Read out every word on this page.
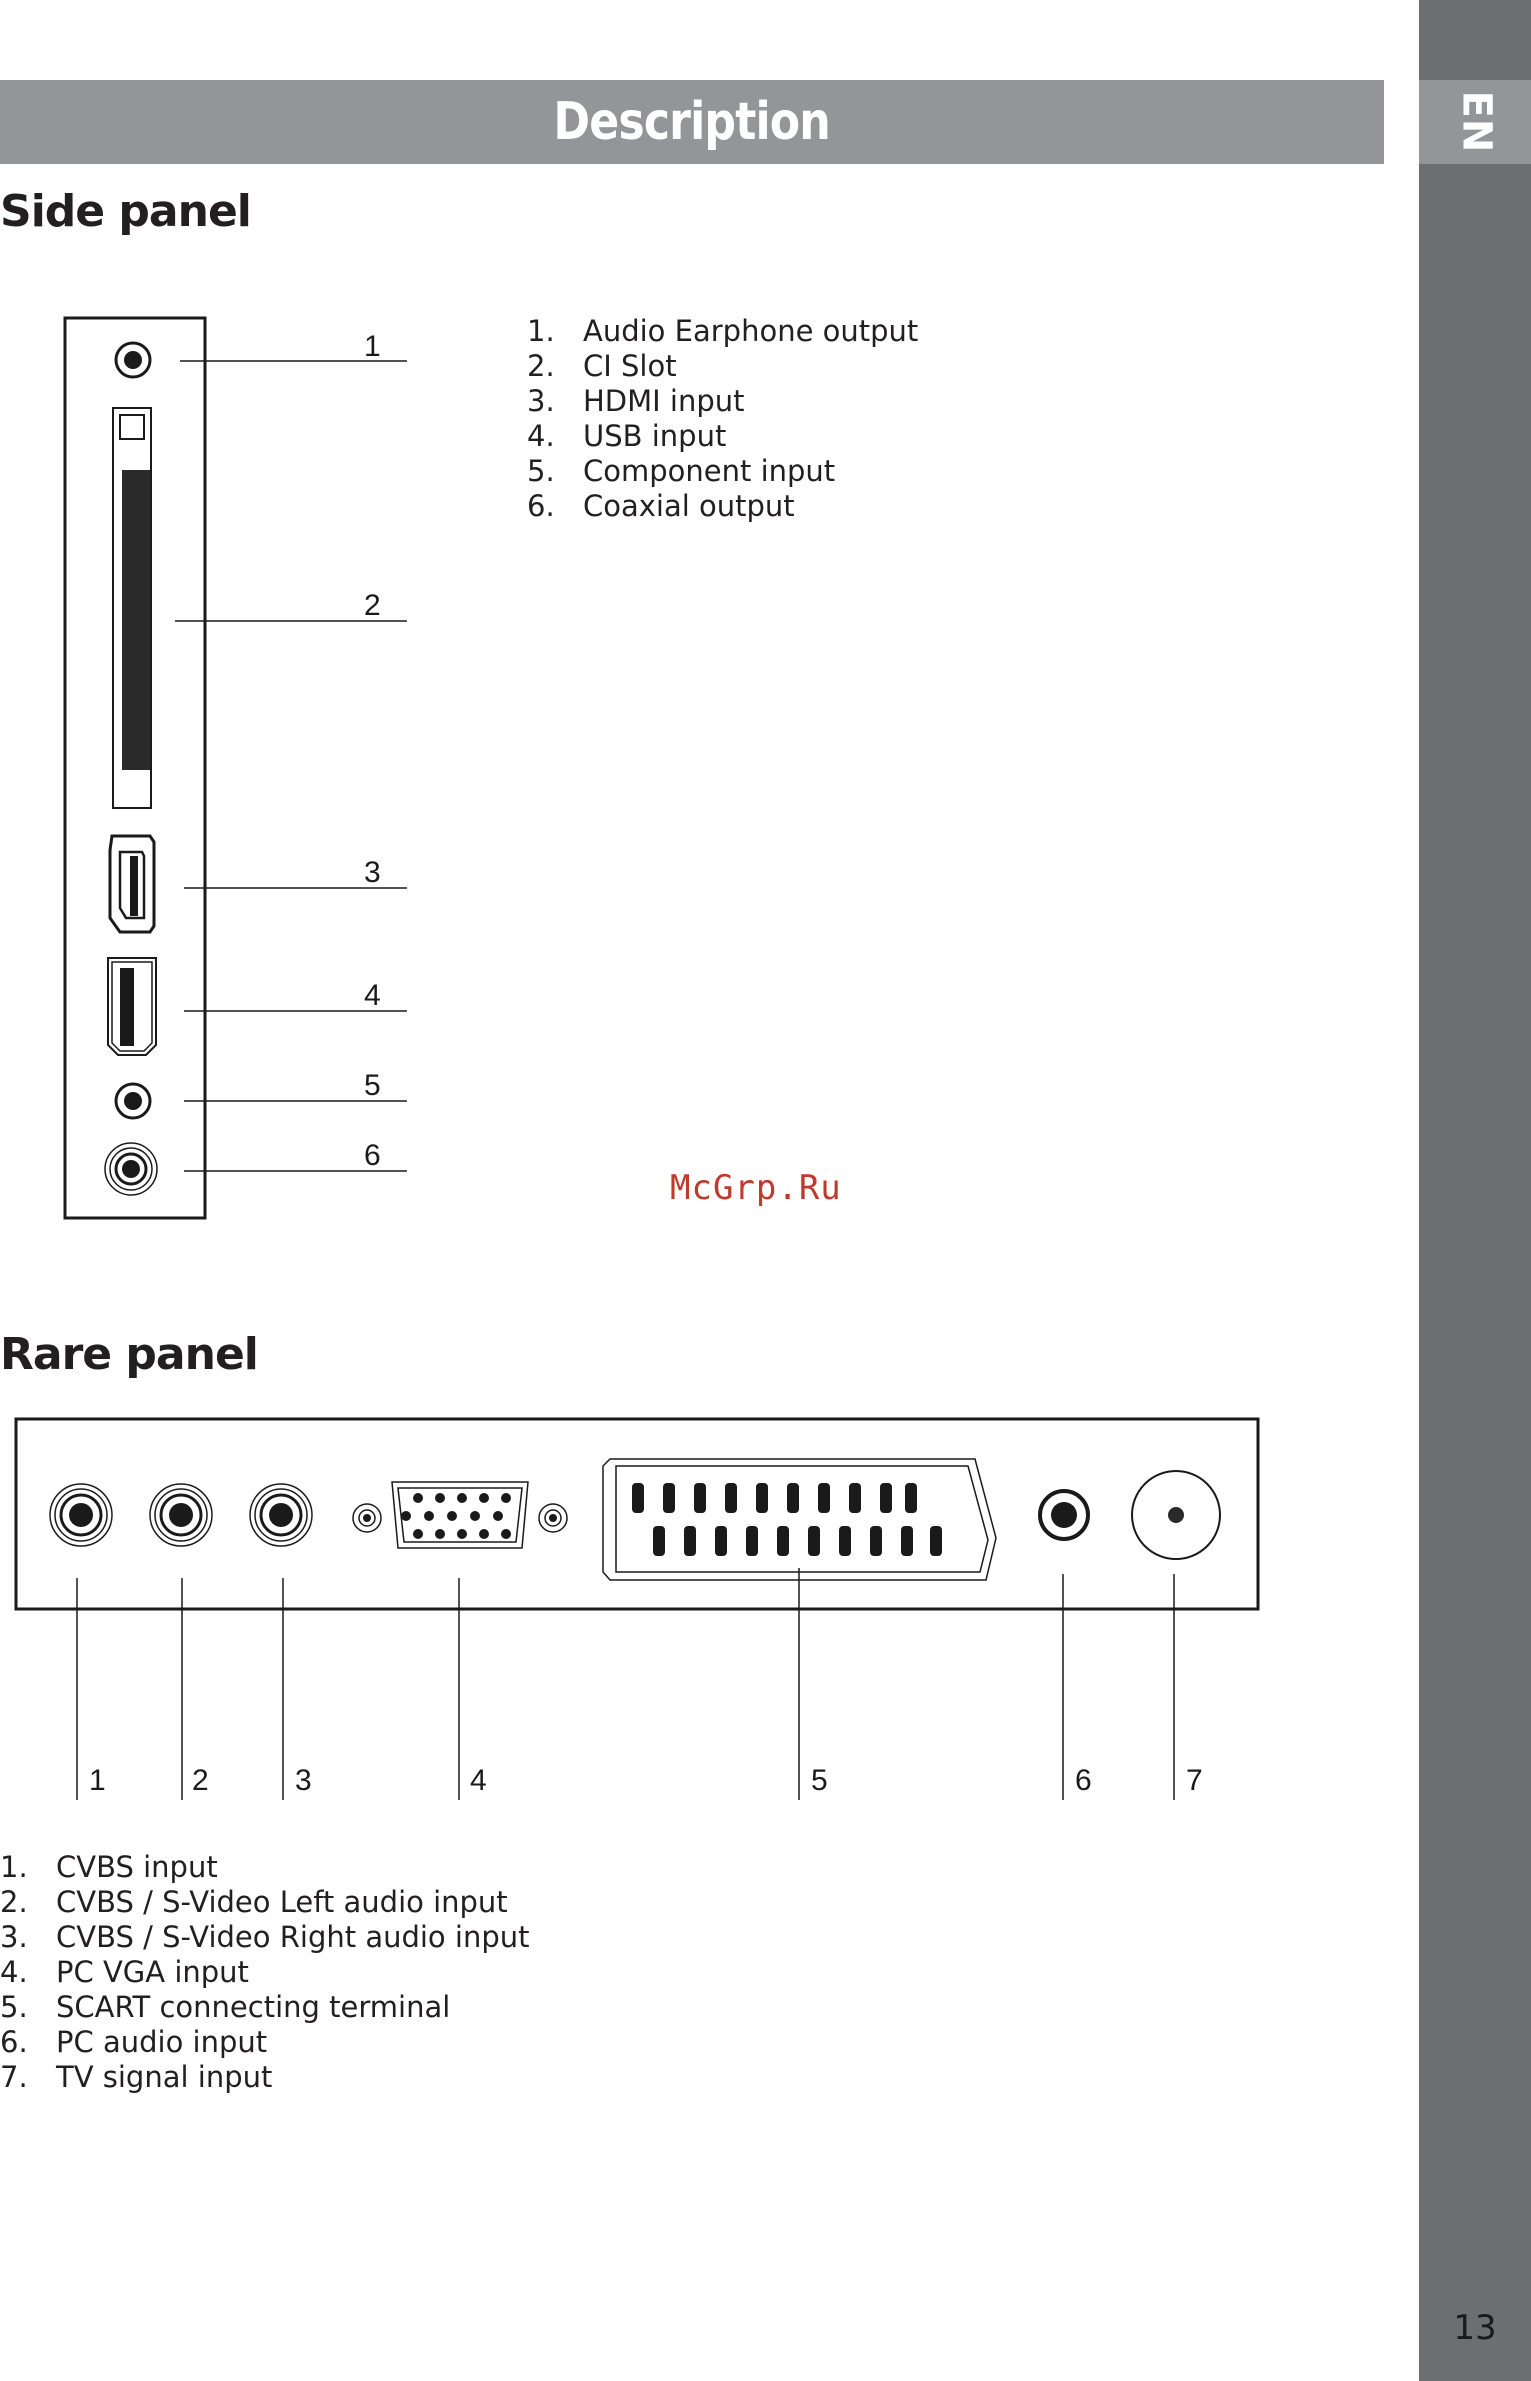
EN
13
Description
Side panel
1. Audio Earphone output
2. CI Slot
3. HDMI input
4. USB input
5. Component input
6. Coaxial output
McGrp.Ru
Rare panel
1. CVBS input
2. CVBS / S-Video Left audio input
3. CVBS / S-Video Right audio input
4. PC VGA input
5. SCART connecting terminal
6. PC audio input
7. TV signal input
1
2
3
4
5
6
1	2	3	4	5	6	7
